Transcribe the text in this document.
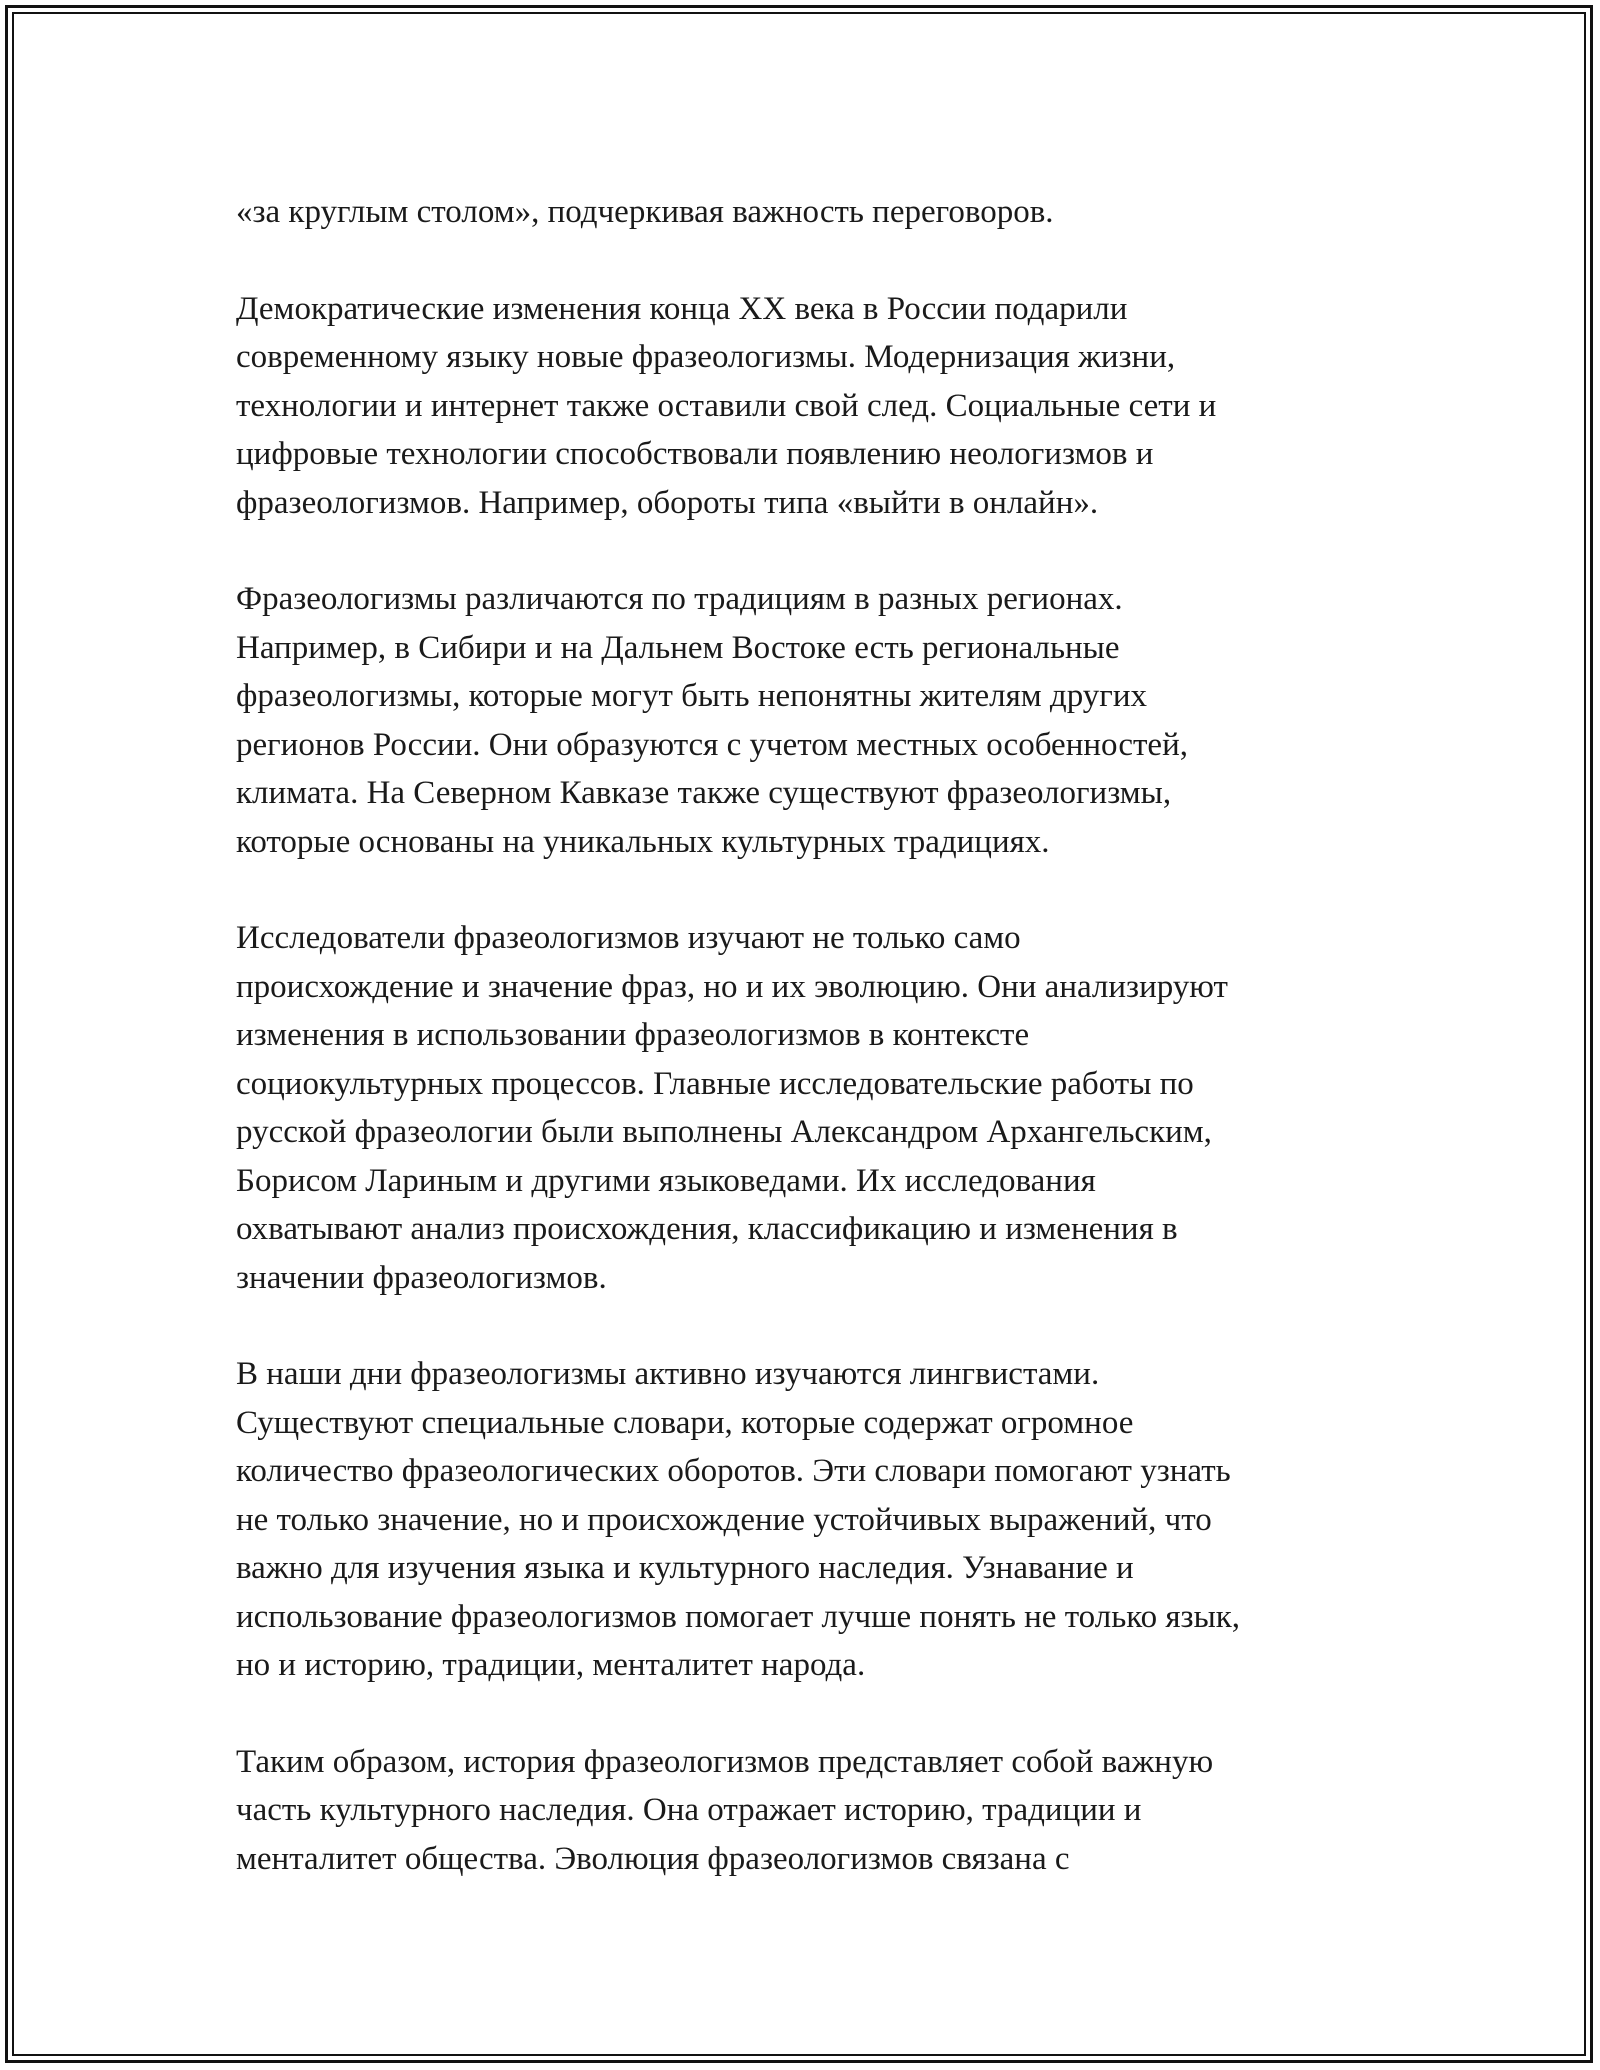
«за круглым столом», подчеркивая важность переговоров.

Демократические изменения конца XX века в России подарили
современному языку новые фразеологизмы. Модернизация жизни,
технологии и интернет также оставили свой след. Социальные сети и
цифровые технологии способствовали появлению неологизмов и
фразеологизмов. Например, обороты типа «выйти в онлайн».

Фразеологизмы различаются по традициям в разных регионах.
Например, в Сибири и на Дальнем Востоке есть региональные
фразеологизмы, которые могут быть непонятны жителям других
регионов России. Они образуются с учетом местных особенностей,
климата. На Северном Кавказе также существуют фразеологизмы,
которые основаны на уникальных культурных традициях.

Исследователи фразеологизмов изучают не только само
происхождение и значение фраз, но и их эволюцию. Они анализируют
изменения в использовании фразеологизмов в контексте
социокультурных процессов. Главные исследовательские работы по
русской фразеологии были выполнены Александром Архангельским,
Борисом Лариным и другими языковедами. Их исследования
охватывают анализ происхождения, классификацию и изменения в
значении фразеологизмов.

В наши дни фразеологизмы активно изучаются лингвистами.
Существуют специальные словари, которые содержат огромное
количество фразеологических оборотов. Эти словари помогают узнать
не только значение, но и происхождение устойчивых выражений, что
важно для изучения языка и культурного наследия. Узнавание и
использование фразеологизмов помогает лучше понять не только язык,
но и историю, традиции, менталитет народа.

Таким образом, история фразеологизмов представляет собой важную
часть культурного наследия. Она отражает историю, традиции и
менталитет общества. Эволюция фразеологизмов связана с
